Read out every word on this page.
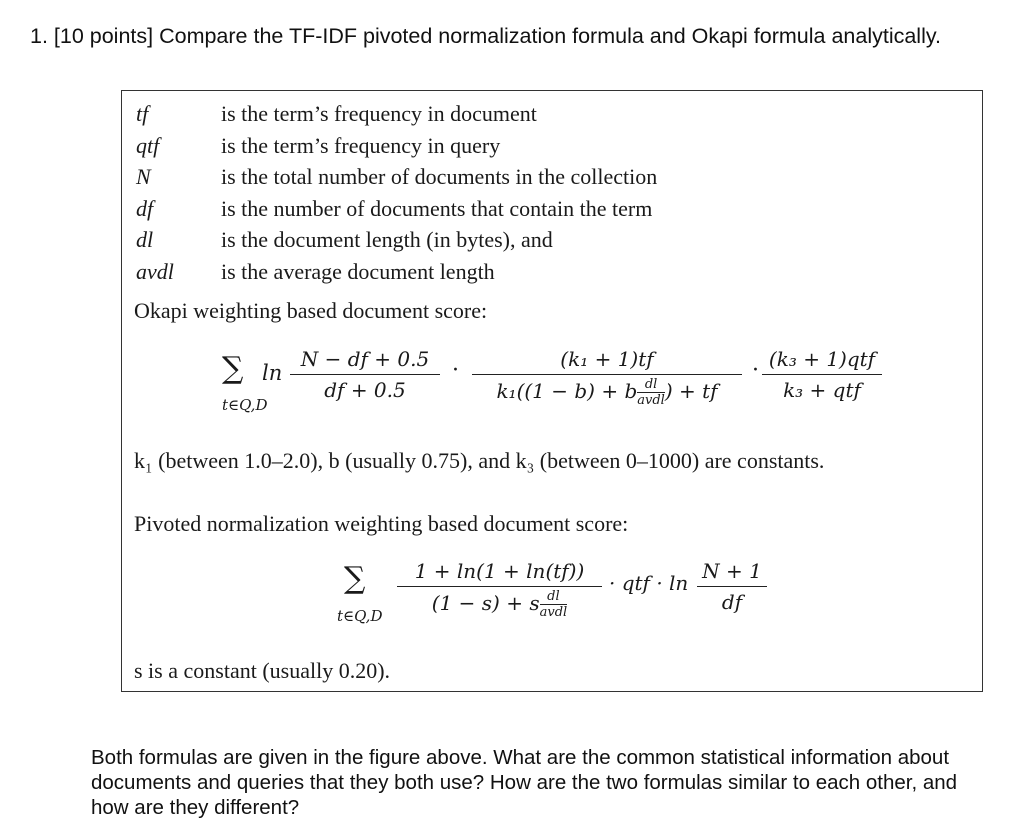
1. [10 points] Compare the TF-IDF pivoted normalization formula and Okapi formula analytically.
tf	is the term’s frequency in document
qtf	is the term’s frequency in query
N	is the total number of documents in the collection
df	is the number of documents that contain the term
dl	is the document length (in bytes), and
avdl is the average document length
Okapi weighting based document score:
∑
t∈Q,D
ln
N − df + 0.5
df + 0.5
·	(k₁ + 1)tf
$k_1((1 - b) + b\frac{dl}{\text{avdl}})$ + tf
· (k₃ + 1)qtf
k₃ + qtf
k₁ (between 1.0–2.0), b (usually 0.75), and k₃ (between 0–1000) are constants.
Pivoted normalization weighting based document score:
∑
t∈Q,D
1 + ln(1 + ln(tf))
$(1 - s) + s\frac{dl}{\text{avdl}}$
· qtf · ln N + 1
df
s is a constant (usually 0.20).
Both formulas are given in the figure above. What are the common statistical information about documents and queries that they both use? How are the two formulas similar to each other, and how are they different?
